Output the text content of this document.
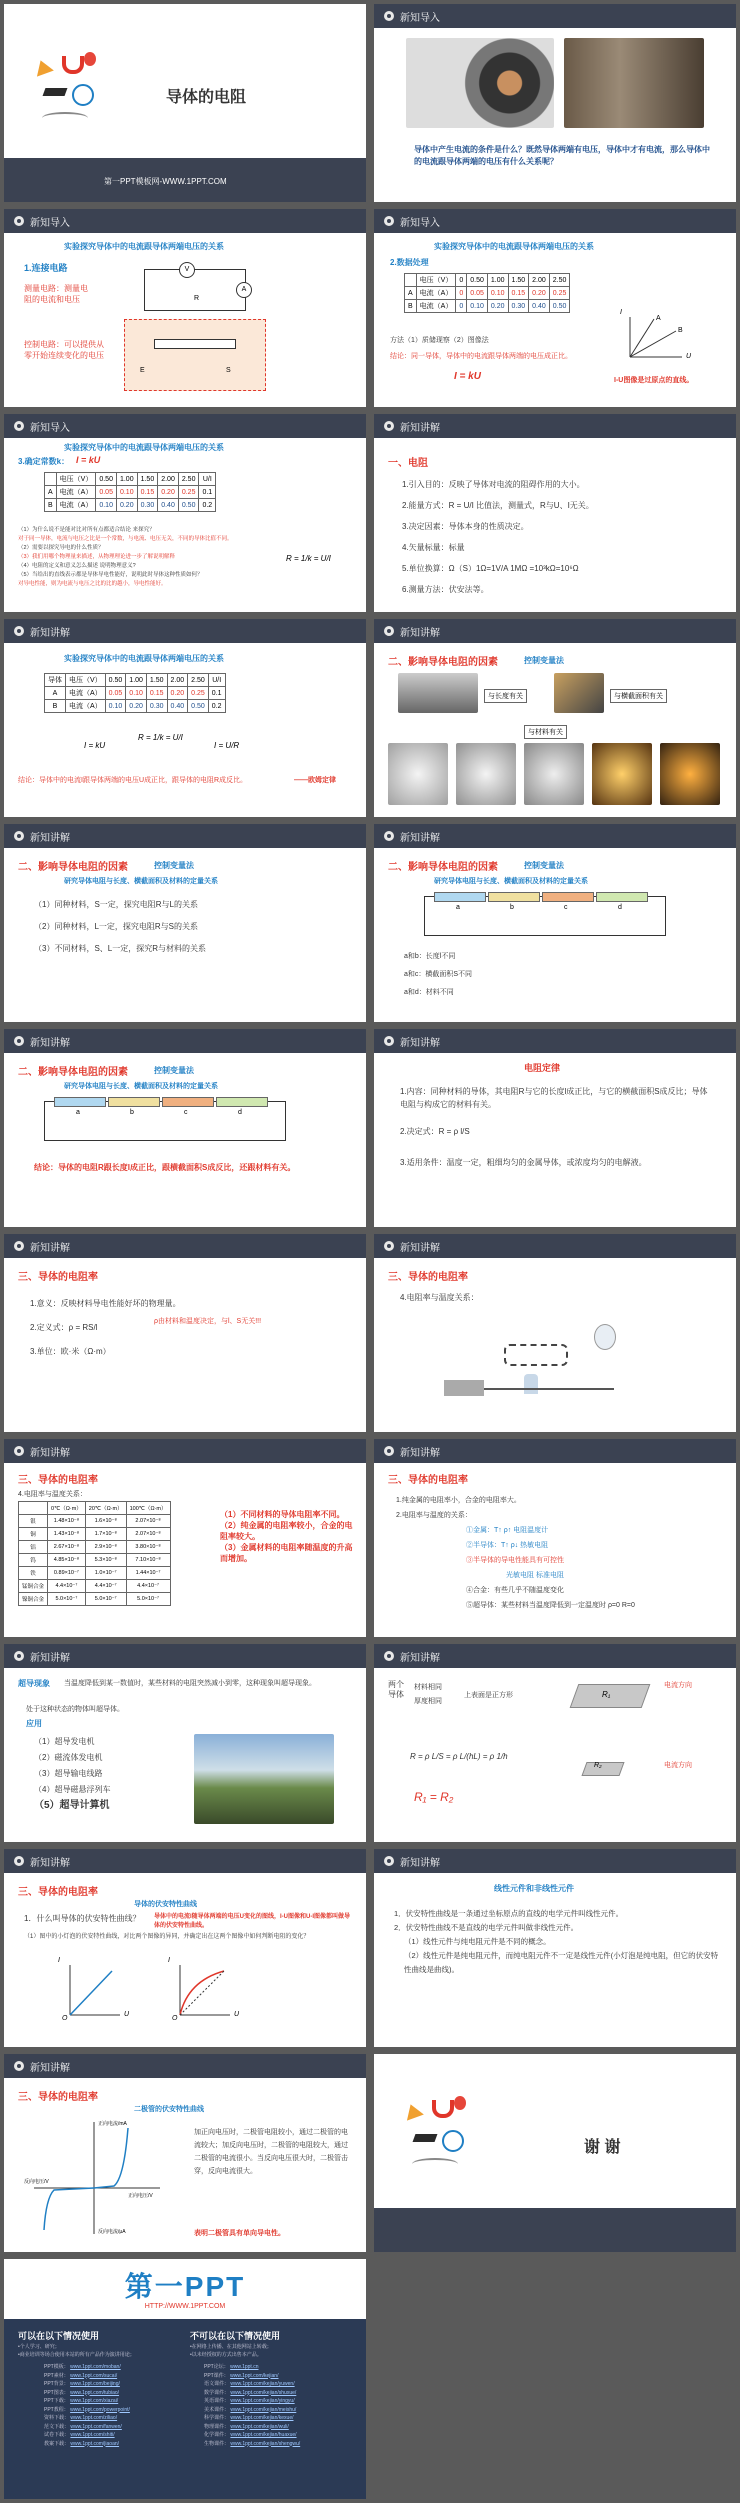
导体的电阻
第一PPT模板网-WWW.1PPT.COM
新知导入
导体中产生电流的条件是什么？既然导体两端有电压，导体中才有电流，那么导体中的电流跟导体两端的电压有什么关系呢？
新知导入
实验探究导体中的电流跟导体两端电压的关系
1.连接电路
测量电路：测量电阻的电流和电压
控制电路：可以提供从零开始连续变化的电压
V
A
R
S
E
新知导入
实验探究导体中的电流跟导体两端电压的关系
2.数据处理
	电压（V）	0	0.50	1.00	1.50	2.00	2.50
A	电流（A）	0	0.05	0.10	0.15	0.20	0.25
B	电流（A）	0	0.10	0.20	0.30	0.40	0.50
方法（1）质储现察（2）图像法
结论：同一导体，导体中的电流跟导体两端的电压成正比。
I = kU
I
U
A
B
I-U图像是过原点的直线。
新知导入
实验探究导体中的电流跟导体两端电压的关系
3.确定常数k： I = kU
	电压（V）	0.50	1.00	1.50	2.00	2.50	U/I
A	电流（A）	0.05	0.10	0.15	0.20	0.25	0.1
B	电流（A）	0.10	0.20	0.30	0.40	0.50	0.2
（1）为什么说不是能对比对所有点都适合结论 来探究？
对于同一导体，电流与电压之比是一个常数，与电流、电压无关，不同的导体比值不同。
（2）需要以探究导电的什么性质？
（3）我们用哪个物理量来描述，从物理理论进一步了解说明解释
（4）电阻的定义和意义怎么描述 说明物理意义?
（5）当给出的直线表示都是导体导电性能好，说明此时导体这种性质如何？
对导电性能，则为电流与电压之比的比的越小，导电性能好。
R = 1/k = U/I
新知讲解
一、电阻
1.引入目的：反映了导体对电流的阻碍作用的大小。
2.能量方式：R = U/I 比值法，测量式，R与U、I无关。
3.决定因素：导体本身的性质决定。
4.矢量标量：标量
5.单位换算：Ω（S）1Ω=1V/A 1MΩ =10³kΩ=10⁶Ω
6.测量方法：伏安法等。
新知讲解
实验探究导体中的电流跟导体两端电压的关系
导体	电压（V）	0.50	1.00	1.50	2.00	2.50	U/I
A	电流（A）	0.05	0.10	0.15	0.20	0.25	0.1
B	电流（A）	0.10	0.20	0.30	0.40	0.50	0.2
I = kU
R = 1/k = U/I
I = U/R
结论：导体中的电流I跟导体两端的电压U成正比，跟导体的电阻R成反比。	——欧姆定律
新知讲解
二、影响导体电阻的因素	控制变量法
与长度有关	与横截面积有关
与材料有关
新知讲解
二、影响导体电阻的因素	控制变量法
研究导体电阻与长度、横截面积及材料的定量关系
（1）同种材料，S一定，探究电阻R与L的关系
（2）同种材料，L一定，探究电阻R与S的关系
（3）不同材料，S、L一定，探究R与材料的关系
新知讲解
二、影响导体电阻的因素	控制变量法
研究导体电阻与长度、横截面积及材料的定量关系
a	b	c	d
a和b：长度l不同
a和c：横截面积S不同
a和d：材料不同
新知讲解
二、影响导体电阻的因素	控制变量法
研究导体电阻与长度、横截面积及材料的定量关系
a	b	c	d
结论：导体的电阻R跟长度l成正比，跟横截面积S成反比，还跟材料有关。
新知讲解
电阻定律
1.内容：同种材料的导体，其电阻R与它的长度l成正比，与它的横截面积S成反比；导体电阻与构成它的材料有关。
2.决定式：R = ρ l/S
3.适用条件：温度一定，粗细均匀的金属导体，或浓度均匀的电解液。
新知讲解
三、导体的电阻率
1.意义：反映材料导电性能好坏的物理量。
2.定义式：ρ = RS/l
3.单位：欧·米（Ω·m）
ρ由材料和温度决定，与l、S无关!!!
新知讲解
三、导体的电阻率
4.电阻率与温度关系：
新知讲解
三、导体的电阻率
4.电阻率与温度关系：
	0℃（Ω·m）	20℃（Ω·m）	100℃（Ω·m）
银	1.48×10⁻⁸	1.6×10⁻⁸	2.07×10⁻⁸
铜	1.43×10⁻⁸	1.7×10⁻⁸	2.07×10⁻⁸
铝	2.67×10⁻⁸	2.9×10⁻⁸	3.80×10⁻⁸
钨	4.85×10⁻⁸	5.3×10⁻⁸	7.10×10⁻⁸
铁	0.89×10⁻⁷	1.0×10⁻⁷	1.44×10⁻⁷
锰铜合金	4.4×10⁻⁷	4.4×10⁻⁷	4.4×10⁻⁷
镍铜合金	5.0×10⁻⁷	5.0×10⁻⁷	5.0×10⁻⁷
（1）不同材料的导体电阻率不同。
（2）纯金属的电阻率较小，合金的电阻率较大。
（3）金属材料的电阻率随温度的升高而增加。
新知讲解
三、导体的电阻率
1.纯金属的电阻率小，合金的电阻率大。
2.电阻率与温度的关系：
①金属：T↑ ρ↑ 电阻温度计
②半导体：T↑ ρ↓ 热敏电阻
③半导体的导电性能具有可控性
光敏电阻 标准电阻
④合金：有些几乎不随温度变化
⑤超导体：某些材料当温度降低到一定温度时 ρ=0 R=0
新知讲解
超导现象 当温度降低到某一数值时，某些材料的电阻突然减小到零，这种现象叫超导现象。
处于这种状态的物体叫超导体。
应用
（1）超导发电机
（2）磁流体发电机
（3）超导输电线路
（4）超导磁悬浮列车
（5）超导计算机
新知讲解
两个导体
材料相同
厚度相同
上表面是正方形	R₁
电流方向
R₂	电流方向
R = ρ L/S = ρ L/(hL) = ρ 1/h
R₁ = R₂
新知讲解
三、导体的电阻率
导体的伏安特性曲线
1．什么叫导体的伏安特性曲线？ 导体中的电流I随导体两端的电压U变化的图线，I-U图像和U-I图像都叫做导体的伏安特性曲线。
（1）图中的小灯泡的伏安特性曲线，对比两个图像的异同，并确定出在这两个图像中如何判断电阻的变化？
I
U
O
I
U
O
新知讲解
线性元件和非线性元件
1．伏安特性曲线是一条通过坐标原点的直线的电学元件叫线性元件。
2．伏安特性曲线不是直线的电学元件叫做非线性元件。
（1）线性元件与纯电阻元件是不同的概念。
（2）线性元件是纯电阻元件，而纯电阻元件不一定是线性元件(小灯泡是纯电阻，但它的伏安特性曲线是曲线)。
新知讲解
三、导体的电阻率
二极管的伏安特性曲线
正向电流/mA
正向电压/V
反向电压/V
反向电流/μA
加正向电压时，二极管电阻较小，通过二极管的电流较大；加反向电压时，二极管的电阻较大，通过二极管的电流很小。当反向电压很大时，二极管击穿，反向电流很大。
表明二极管具有单向导电性。
谢 谢
第一PPT
HTTP://WWW.1PPT.COM
可以在以下情况使用	不可以在以下情况使用
•个人学习、研究；
•商业培训等场合使用本站的所有产品作为演讲用途；
•在网络上传播、在其他网站上转载；
•以未经授权的方式出售本产品。
PPT模板： www.1ppt.com/moban/
PPT素材： www.1ppt.com/sucai/
PPT背景： www.1ppt.com/beijing/
PPT图表： www.1ppt.com/tubiao/
PPT下载： www.1ppt.com/xiazai/
PPT教程： www.1ppt.com/powerpoint/
资料下载： www.1ppt.com/ziliao/
范文下载： www.1ppt.com/fanwen/
试卷下载： www.1ppt.com/shiti/
教案下载： www.1ppt.com/jiaoan/
PPT论坛： www.1ppt.cn
PPT课件： www.1ppt.com/kejian/
语文课件： www.1ppt.com/kejian/yuwen/
数学课件： www.1ppt.com/kejian/shuxue/
英语课件： www.1ppt.com/kejian/yingyu/
美术课件： www.1ppt.com/kejian/meishu/
科学课件： www.1ppt.com/kejian/kexue/
物理课件： www.1ppt.com/kejian/wuli/
化学课件： www.1ppt.com/kejian/huaxue/
生物课件： www.1ppt.com/kejian/shengwu/
